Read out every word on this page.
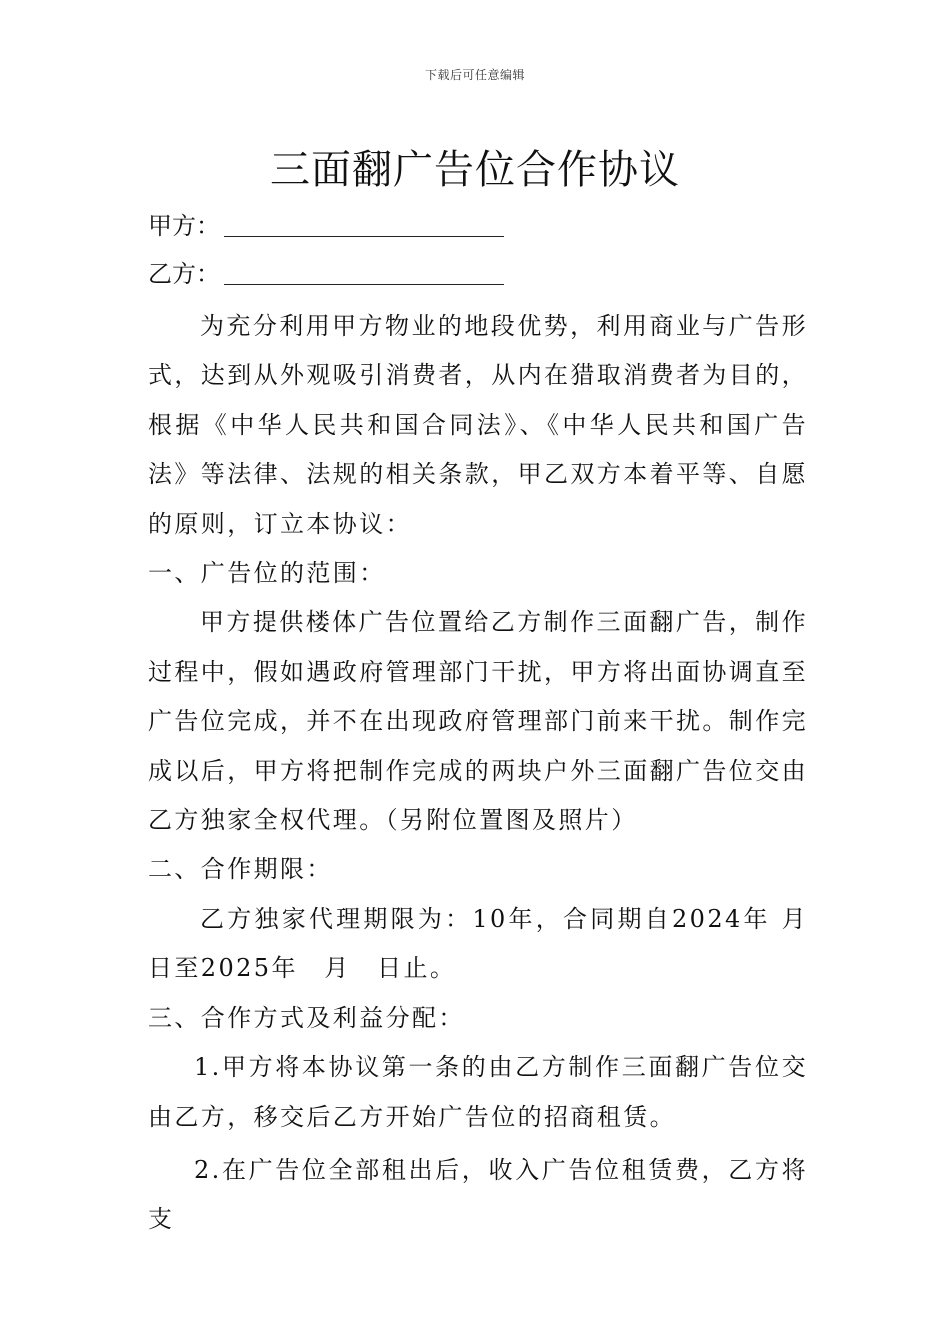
下载后可任意编辑
三面翻广告位合作协议
甲方：
乙方：

为充分利用甲方物业的地段优势，利用商业与广告形式，达到从外观吸引消费者，从内在猎取消费者为目的，根据《中华人民共和国合同法》、《中华人民共和国广告法》等法律、法规的相关条款，甲乙双方本着平等、自愿的原则，订立本协议：

一、广告位的范围：

甲方提供楼体广告位置给乙方制作三面翻广告，制作过程中，假如遇政府管理部门干扰，甲方将出面协调直至广告位完成，并不在出现政府管理部门前来干扰。制作完成以后，甲方将把制作完成的两块户外三面翻广告位交由乙方独家全权代理。（另附位置图及照片）

二、合作期限：

乙方独家代理期限为：10年，合同期自2024年 月 日至2025年　月　日止。

三、合作方式及利益分配：

1.甲方将本协议第一条的由乙方制作三面翻广告位交由乙方，移交后乙方开始广告位的招商租赁。

2.在广告位全部租出后，收入广告位租赁费，乙方将支
